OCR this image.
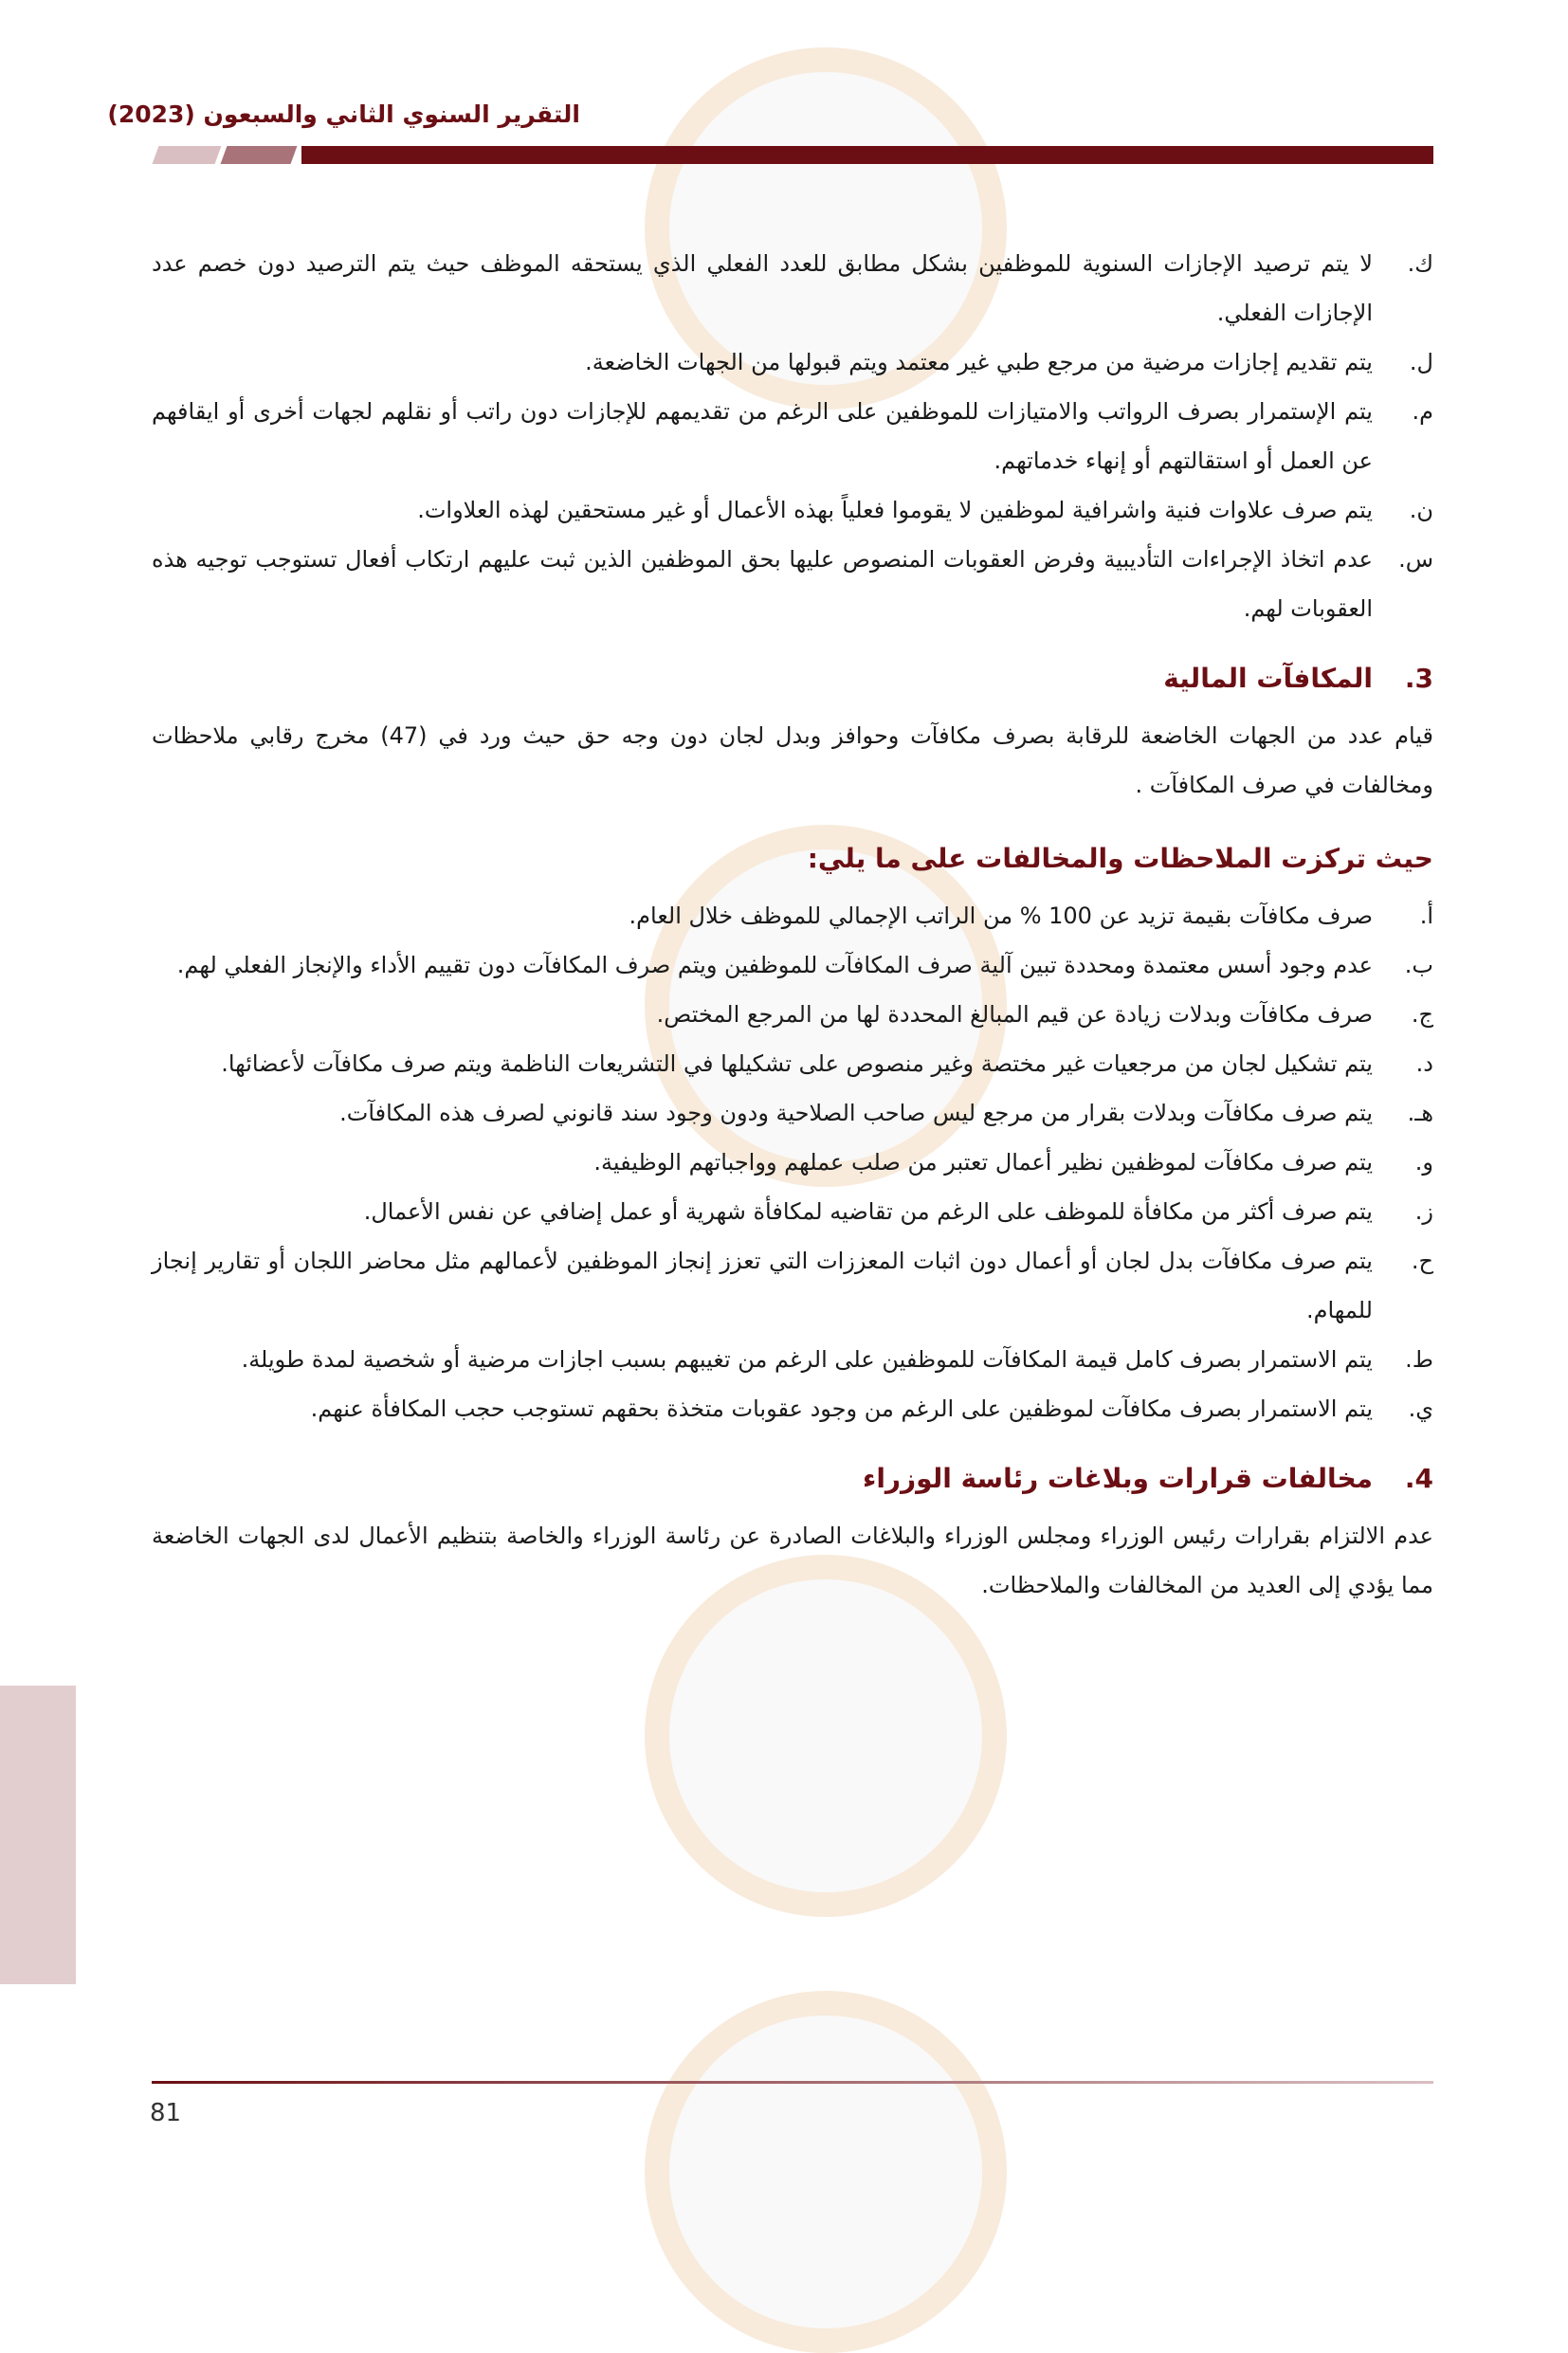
التقرير السنوي الثاني والسبعون (2023)
ك.
لا يتم ترصيد الإجازات السنوية للموظفين بشكل مطابق للعدد الفعلي الذي يستحقه الموظف حيث يتم الترصيد دون خصم عدد الإجازات الفعلي.
ل.
يتم تقديم إجازات مرضية من مرجع طبي غير معتمد ويتم قبولها من الجهات الخاضعة.
م.
يتم الإستمرار بصرف الرواتب والامتيازات للموظفين على الرغم من تقديمهم للإجازات دون راتب أو نقلهم لجهات أخرى أو ايقافهم عن العمل أو استقالتهم أو إنهاء خدماتهم.
ن.
يتم صرف علاوات فنية واشرافية لموظفين لا يقوموا فعلياً بهذه الأعمال أو غير مستحقين لهذه العلاوات.
س.
عدم اتخاذ الإجراءات التأديبية وفرض العقوبات المنصوص عليها بحق الموظفين الذين ثبت عليهم ارتكاب أفعال تستوجب توجيه هذه العقوبات لهم.
3.المكافآت المالية
قيام عدد من الجهات الخاضعة للرقابة بصرف مكافآت وحوافز وبدل لجان دون وجه حق حيث ورد في (47) مخرج رقابي ملاحظات ومخالفات في صرف المكافآت .
حيث تركزت الملاحظات والمخالفات على ما يلي:
أ.
صرف مكافآت بقيمة تزيد عن 100 % من الراتب الإجمالي للموظف خلال العام.
ب.
عدم وجود أسس معتمدة ومحددة تبين آلية صرف المكافآت للموظفين ويتم صرف المكافآت دون تقييم الأداء والإنجاز الفعلي لهم.
ج.
صرف مكافآت وبدلات زيادة عن قيم المبالغ المحددة لها من المرجع المختص.
د.
يتم تشكيل لجان من مرجعيات غير مختصة وغير منصوص على تشكيلها في التشريعات الناظمة ويتم صرف مكافآت لأعضائها.
هـ.
يتم صرف مكافآت وبدلات بقرار من مرجع ليس صاحب الصلاحية ودون وجود سند قانوني لصرف هذه المكافآت.
و.
يتم صرف مكافآت لموظفين نظير أعمال تعتبر من صلب عملهم وواجباتهم الوظيفية.
ز.
يتم صرف أكثر من مكافأة للموظف على الرغم من تقاضيه لمكافأة شهرية أو عمل إضافي عن نفس الأعمال.
ح.
يتم صرف مكافآت بدل لجان أو أعمال دون اثبات المعززات التي تعزز إنجاز الموظفين لأعمالهم مثل محاضر اللجان أو تقارير إنجاز للمهام.
ط.
يتم الاستمرار بصرف كامل قيمة المكافآت للموظفين على الرغم من تغيبهم بسبب اجازات مرضية أو شخصية لمدة طويلة.
ي.
يتم الاستمرار بصرف مكافآت لموظفين على الرغم من وجود عقوبات متخذة بحقهم تستوجب حجب المكافأة عنهم.
4.مخالفات قرارات وبلاغات رئاسة الوزراء
عدم الالتزام بقرارات رئيس الوزراء ومجلس الوزراء والبلاغات الصادرة عن رئاسة الوزراء والخاصة بتنظيم الأعمال لدى الجهات الخاضعة مما يؤدي إلى العديد من المخالفات والملاحظات.
81
